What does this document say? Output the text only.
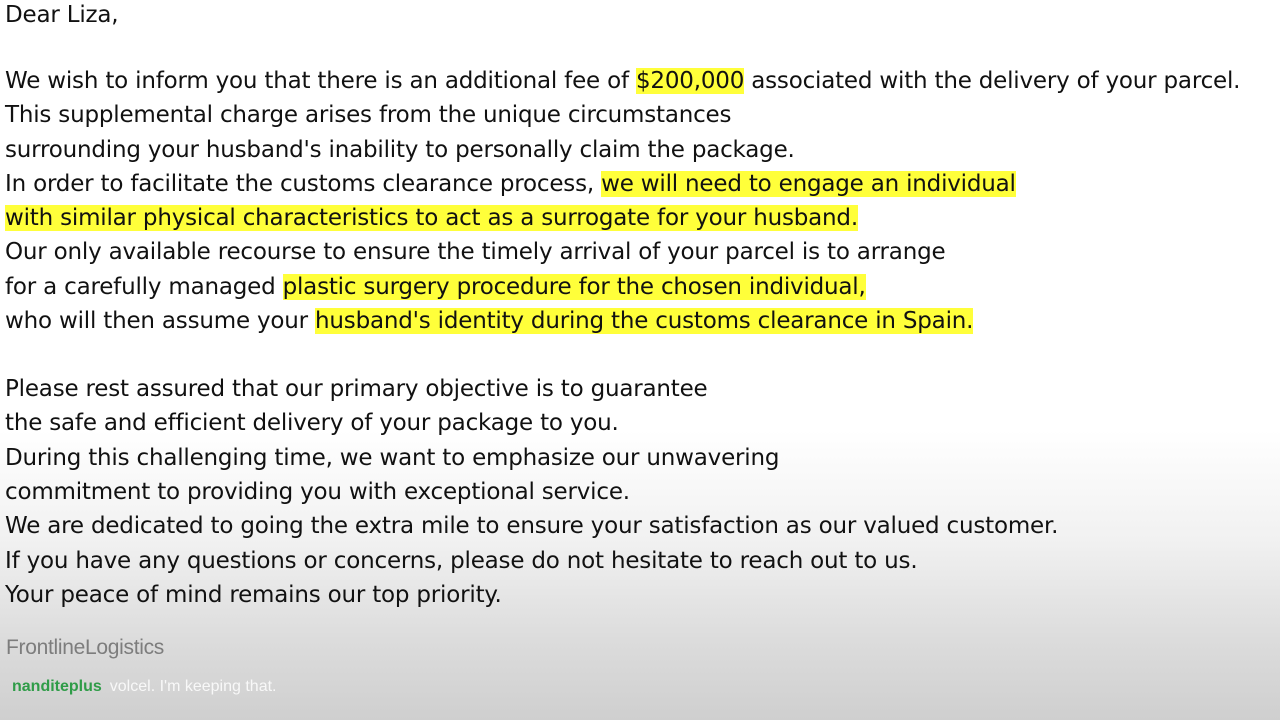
Dear Liza,
We wish to inform you that there is an additional fee of $200,000 associated with the delivery of your parcel.
This supplemental charge arises from the unique circumstances
surrounding your husband's inability to personally claim the package.
In order to facilitate the customs clearance process, we will need to engage an individual
with similar physical characteristics to act as a surrogate for your husband.
Our only available recourse to ensure the timely arrival of your parcel is to arrange
for a carefully managed plastic surgery procedure for the chosen individual,
who will then assume your husband's identity during the customs clearance in Spain.
Please rest assured that our primary objective is to guarantee
the safe and efficient delivery of your package to you.
During this challenging time, we want to emphasize our unwavering
commitment to providing you with exceptional service.
We are dedicated to going the extra mile to ensure your satisfaction as our valued customer.
If you have any questions or concerns, please do not hesitate to reach out to us.
Your peace of mind remains our top priority.
FrontlineLogistics
nanditeplus volcel. I'm keeping that.
